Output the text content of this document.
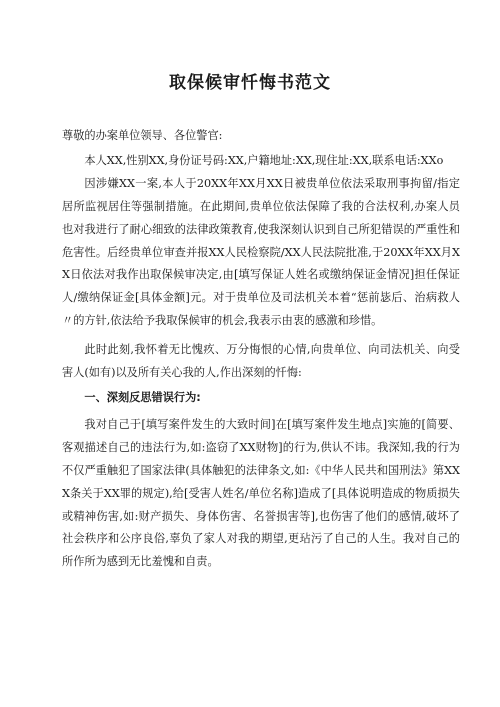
取保候审忏悔书范文

尊敬的办案单位领导、各位警官:

本人XX,性别XX,身份证号码:XX,户籍地址:XX,现住址:XX,联系电话:XXo

因涉嫌XX一案,本人于20XX年XX月XX日被贵单位依法采取刑事拘留/指定居所监视居住等强制措施。在此期间,贵单位依法保障了我的合法权利,办案人员也对我进行了耐心细致的法律政策教育,使我深刻认识到自己所犯错误的严重性和危害性。后经贵单位审查并报XX人民检察院/XX人民法院批准,于20XX年XX月XX日依法对我作出取保候审决定,由[填写保证人姓名或缴纳保证金情况]担任保证人/缴纳保证金[具体金额]元。对于贵单位及司法机关本着“惩前毖后、治病救人〃的方针,依法给予我取保候审的机会,我表示由衷的感激和珍惜。

此时此刻,我怀着无比愧疚、万分悔恨的心情,向贵单位、向司法机关、向受害人(如有)以及所有关心我的人,作出深刻的忏悔:

一、深刻反思错误行为:

我对自己于[填写案件发生的大致时间]在[填写案件发生地点]实施的[简要、客观描述自己的违法行为,如:盗窃了XX财物]的行为,供认不讳。我深知,我的行为不仅严重触犯了国家法律(具体触犯的法律条文,如:《中华人民共和国刑法》第XXX条关于XX罪的规定),给[受害人姓名/单位名称]造成了[具体说明造成的物质损失或精神伤害,如:财产损失、身体伤害、名誉损害等],也伤害了他们的感情,破坏了社会秩序和公序良俗,辜负了家人对我的期望,更玷污了自己的人生。我对自己的所作所为感到无比羞愧和自责。
